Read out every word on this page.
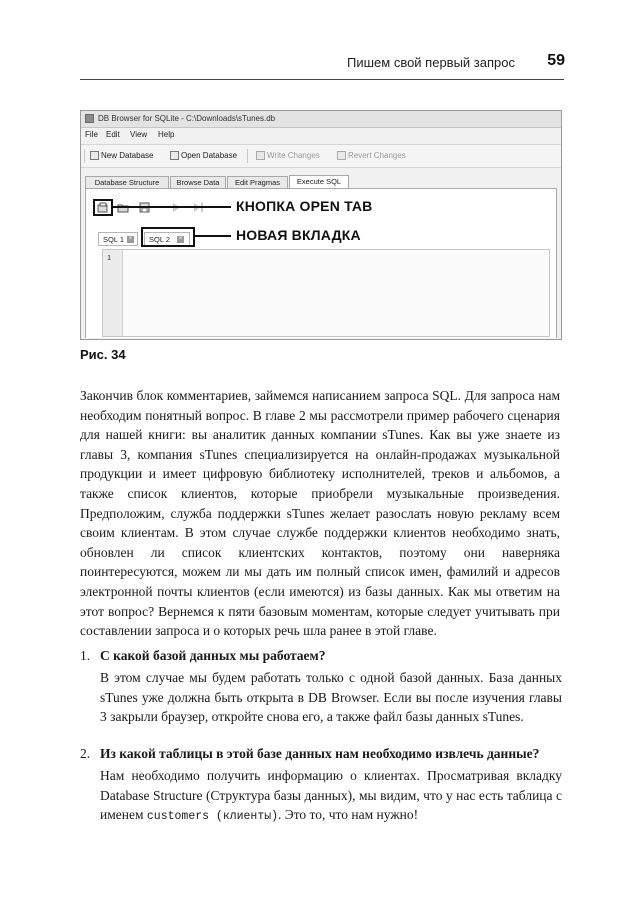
Пишем свой первый запрос	59
DB Browser for SQLite - C:\Downloads\sTunes.db
File Edit View Help
New Database	Open Database	Write Changes	Revert Changes
Database Structure	Browse Data	Edit Pragmas	Execute SQL
SQL 1 ×	SQL 2 ×
1
КНОПКА OPEN TAB
НОВАЯ ВКЛАДКА
Рис. 34
Закончив блок комментариев, займемся написанием запроса SQL. Для запроса нам необходим понятный вопрос. В главе 2 мы рассмотрели пример рабочего сценария для нашей книги: вы аналитик данных компании sTunes. Как вы уже знаете из главы 3, компания sTunes специализируется на онлайн-продажах музыкальной продукции и имеет цифровую библиотеку исполнителей, треков и альбомов, а также список клиентов, которые приобрели музыкальные произведения. Предположим, служба поддержки sTunes желает разослать новую рекламу всем своим клиентам. В этом случае службе поддержки клиентов необходимо знать, обновлен ли список клиентских контактов, поэтому они наверняка поинтересуются, можем ли мы дать им полный список имен, фамилий и адресов электронной почты клиентов (если имеются) из базы данных. Как мы ответим на этот вопрос? Вернемся к пяти базовым моментам, которые следует учитывать при составлении запроса и о которых речь шла ранее в этой главе.
1. С какой базой данных мы работаем?
В этом случае мы будем работать только с одной базой данных. База данных sTunes уже должна быть открыта в DB Browser. Если вы после изучения главы 3 закрыли браузер, откройте снова его, а также файл базы данных sTunes.
2. Из какой таблицы в этой базе данных нам необходимо извлечь данные?
Нам необходимо получить информацию о клиентах. Просматривая вкладку Database Structure (Структура базы данных), мы видим, что у нас есть таблица с именем customers (клиенты). Это то, что нам нужно!
